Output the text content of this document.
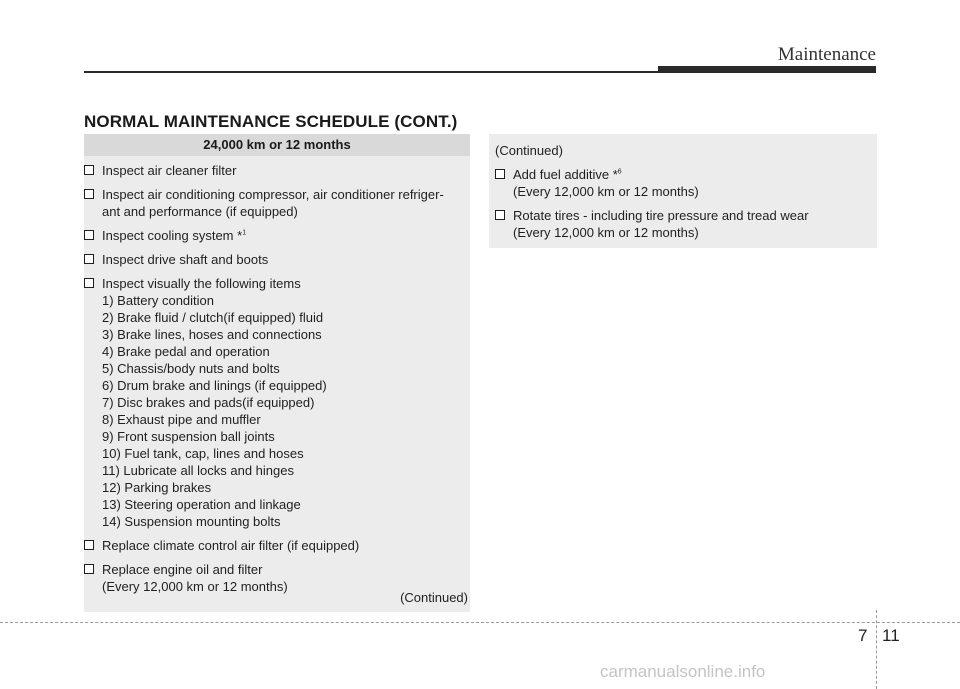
Maintenance
NORMAL MAINTENANCE SCHEDULE (CONT.)
24,000 km or 12 months
Inspect air cleaner filter
Inspect air conditioning compressor, air conditioner refriger-
ant and performance (if equipped)
Inspect cooling system *$^1$
Inspect drive shaft and boots
Inspect visually the following items
1) Battery condition
2) Brake fluid / clutch(if equipped) fluid
3) Brake lines, hoses and connections
4) Brake pedal and operation
5) Chassis/body nuts and bolts
6) Drum brake and linings (if equipped)
7) Disc brakes and pads(if equipped)
8) Exhaust pipe and muffler
9) Front suspension ball joints
10) Fuel tank, cap, lines and hoses
11) Lubricate all locks and hinges
12) Parking brakes
13) Steering operation and linkage
14) Suspension mounting bolts
Replace climate control air filter (if equipped)
Replace engine oil and filter
(Every 12,000 km or 12 months)
(Continued)
(Continued)
Add fuel additive *$^6$
(Every 12,000 km or 12 months)
Rotate tires - including tire pressure and tread wear
(Every 12,000 km or 12 months)
7 11
carmanualsonline.info
